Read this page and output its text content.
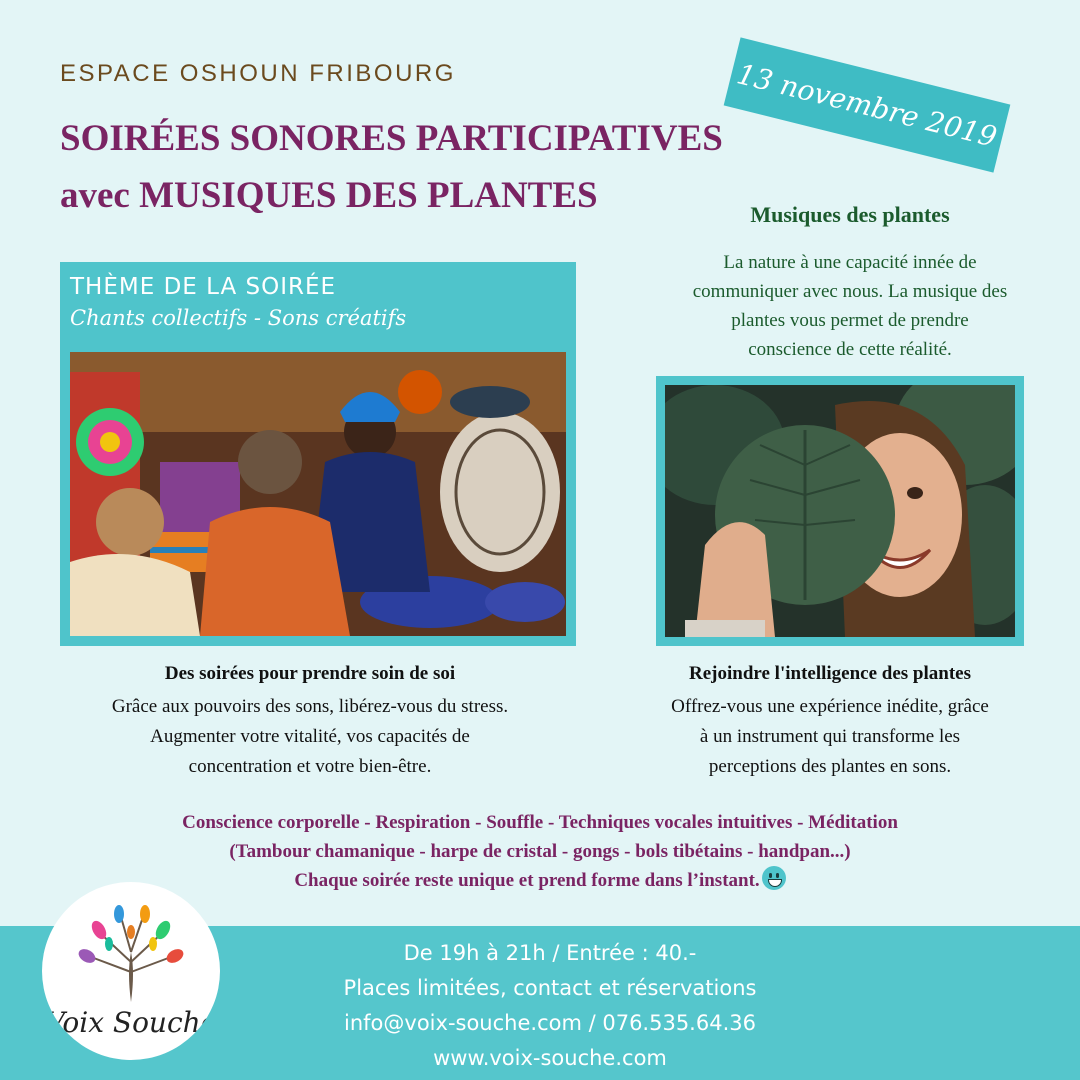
ESPACE OSHOUN FRIBOURG
SOIRÉES SONORES PARTICIPATIVES
avec MUSIQUES DES PLANTES
13 novembre 2019
Musiques des plantes
La nature à une capacité innée de
communiquer avec nous. La musique des
plantes vous permet de prendre
conscience de cette réalité.
THÈME DE LA SOIRÉE
Chants collectifs - Sons créatifs
Des soirées pour prendre soin de soi
Grâce aux pouvoirs des sons, libérez-vous du stress.
Augmenter votre vitalité, vos capacités de
concentration et votre bien-être.
Rejoindre l'intelligence des plantes
Offrez-vous une expérience inédite, grâce
à un instrument qui transforme les
perceptions des plantes en sons.
Conscience corporelle - Respiration - Souffle - Techniques vocales intuitives - Méditation
(Tambour chamanique - harpe de cristal - gongs - bols tibétains - handpan...)
Chaque soirée reste unique et prend forme dans l’instant.
De 19h à 21h / Entrée : 40.-
Places limitées, contact et réservations
info@voix-souche.com / 076.535.64.36
www.voix-souche.com
Voix Souche
